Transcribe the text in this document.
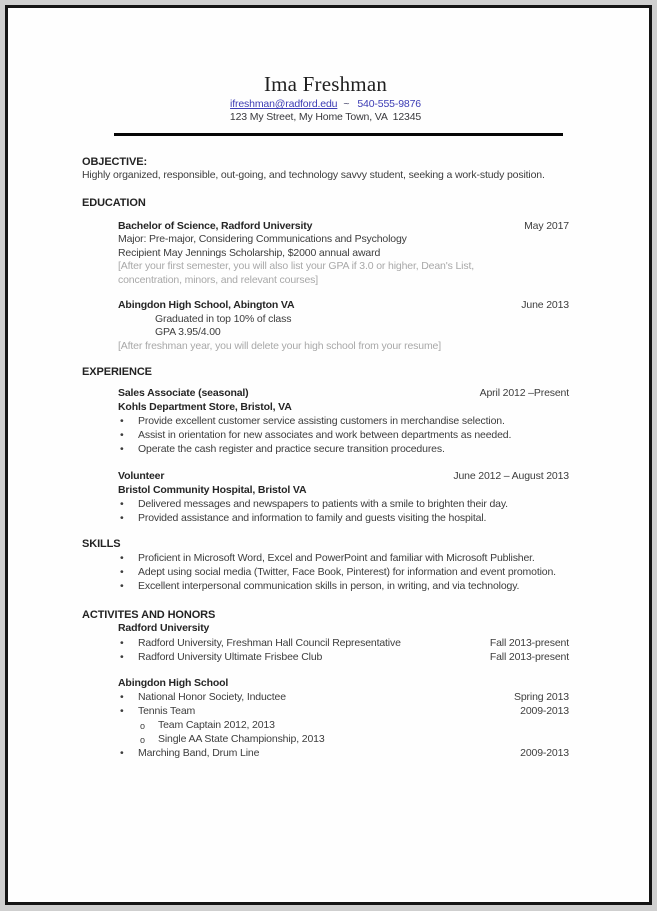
Ima Freshman
ifreshman@radford.edu ~ 540-555-9876
123 My Street, My Home Town, VA  12345
OBJECTIVE:

Highly organized, responsible, out-going, and technology savvy student, seeking a work-study position.

EDUCATION
Bachelor of Science, Radford University	May 2017
Major: Pre-major, Considering Communications and Psychology
Recipient May Jennings Scholarship, $2000 annual award
[After your first semester, you will also list your GPA if 3.0 or higher, Dean's List, concentration, minors, and relevant courses]
Abingdon High School, Abington VA	June 2013
Graduated in top 10% of class
GPA 3.95/4.00
[After freshman year, you will delete your high school from your resume]
EXPERIENCE
Sales Associate (seasonal)	April 2012 –Present
Kohls Department Store, Bristol, VA
• Provide excellent customer service assisting customers in merchandise selection.
• Assist in orientation for new associates and work between departments as needed.
• Operate the cash register and practice secure transition procedures.
Volunteer	June 2012 – August 2013
Bristol Community Hospital, Bristol VA
• Delivered messages and newspapers to patients with a smile to brighten their day.
• Provided assistance and information to family and guests visiting the hospital.
SKILLS
• Proficient in Microsoft Word, Excel and PowerPoint and familiar with Microsoft Publisher.
• Adept using social media (Twitter, Face Book, Pinterest) for information and event promotion.
• Excellent interpersonal communication skills in person, in writing, and via technology.
ACTIVITES AND HONORS
Radford University
• Radford University, Freshman Hall Council Representative	Fall 2013-present
• Radford University Ultimate Frisbee Club	Fall 2013-present
Abingdon High School
• National Honor Society, Inductee	Spring 2013
• Tennis Team	2009-2013
o Team Captain 2012, 2013
o Single AA State Championship, 2013
• Marching Band, Drum Line	2009-2013
